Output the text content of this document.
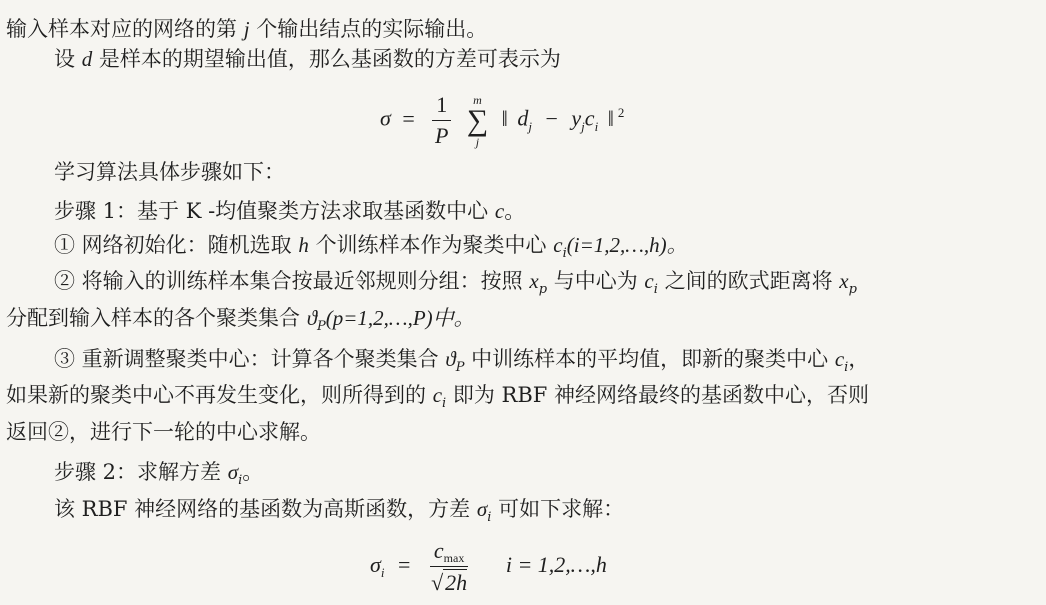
输入样本对应的网络的第 j 个输出结点的实际输出。
设 d 是样本的期望输出值，那么基函数的方差可表示为
$\sigma = \frac{1}{P}$
	m
∑
j
‖ $d_j - y_jc_i$ ‖ $^2$
学习算法具体步骤如下：
步骤 1：基于 K -均值聚类方法求取基函数中心 c。
① 网络初始化：随机选取 h 个训练样本作为聚类中心 $c_i(i=1,2,\dots,h)$。
② 将输入的训练样本集合按最近邻规则分组：按照 $x_p$ 与中心为 $c_i$ 之间的欧式距离将 $x_p$
分配到输入样本的各个聚类集合 $ϑ_P(p=1,2,\dots,P)$中。
③ 重新调整聚类中心：计算各个聚类集合 $ϑ_P$ 中训练样本的平均值，即新的聚类中心 $c_i$，
如果新的聚类中心不再发生变化，则所得到的 $c_i$ 即为 RBF 神经网络最终的基函数中心，否则
返回②，进行下一轮的中心求解。
步骤 2：求解方差 $\sigma_i$。
该 RBF 神经网络的基函数为高斯函数，方差 $\sigma_i$ 可如下求解：
$\sigma_i = \frac{cmax}{√2h}$ i = 1,2,…,h
